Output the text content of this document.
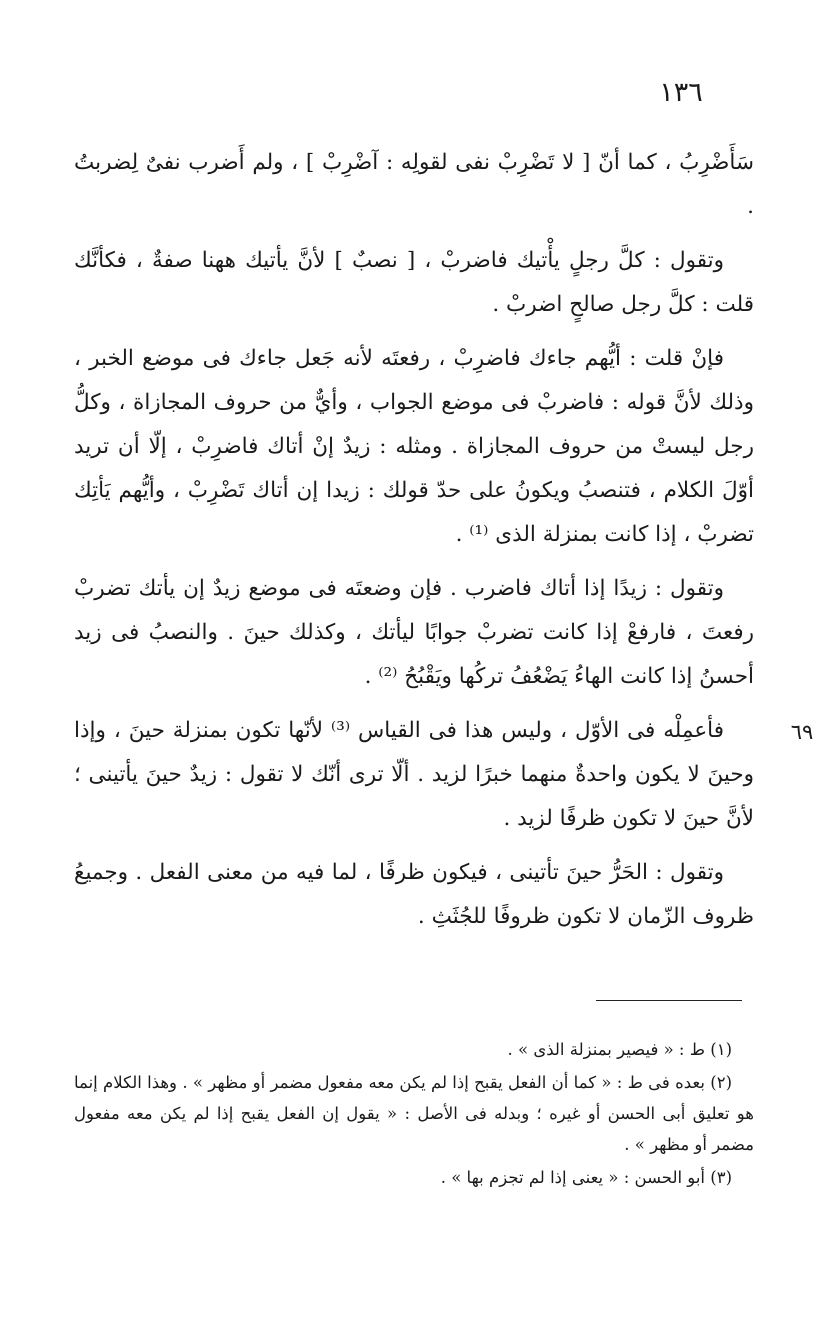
١٣٦
٦٩

سَأَضْرِبُ ، كما أنّ [ لا تَضْرِبْ نفى لقولِه : آضْرِبْ ] ، ولم أَضرب نفىٌ لِضربتُ .

وتقول : كلَّ رجلٍ يأْتيك فاضربْ ، [ نصبٌ ] لأنَّ يأتيك ههنا صفةٌ ، فكأنَّك قلت : كلَّ رجل صالحٍ اضربْ .

فإنْ قلت : أيُّهم جاءك فاضرِبْ ، رفعتَه لأنه جَعل جاءك فى موضع الخبر ، وذلك لأنَّ قوله : فاضربْ فى موضع الجواب ، وأيٌّ من حروف المجازاة ، وكلُّ رجل ليستْ من حروف المجازاة . ومثله : زيدٌ إنْ أتاك فاضرِبْ ، إلّا أن تريد أوّلَ الكلام ، فتنصبُ ويكونُ على حدّ قولك : زيدا إن أتاك تَضْرِبْ ، وأيُّهم يَأتِك تضربْ ، إذا كانت بمنزلة الذى ⁽¹⁾ .

وتقول : زيدًا إذا أتاك فاضرب . فإن وضعتَه فى موضع زيدٌ إن يأتك تضربْ رفعتَ ، فارفعْ إذا كانت تضربْ جوابًا ليأتك ، وكذلك حينَ . والنصبُ فى زيد أحسنُ إذا كانت الهاءُ يَضْعُفُ تركُها ويَقْبُحُ ⁽²⁾ .

فأعمِلْه فى الأوّل ، وليس هذا فى القياس ⁽³⁾ لأنّها تكون بمنزلة حينَ ، وإذا وحينَ لا يكون واحدةٌ منهما خبرًا لزيد . ألّا ترى أنّك لا تقول : زيدٌ حينَ يأتينى ؛ لأنَّ حينَ لا تكون ظرفًا لزيد .

وتقول : الحَرُّ حينَ تأتينى ، فيكون ظرفًا ، لما فيه من معنى الفعل . وجميعُ ظروف الزّمان لا تكون ظروفًا للجُثَثِ .

(١) ط : « فيصير بمنزلة الذى » .

(٢) بعده فى ط : « كما أن الفعل يقبح إذا لم يكن معه مفعول مضمر أو مظهر » . وهذا الكلام إنما هو تعليق أبى الحسن أو غيره ؛ وبدله فى الأصل : « يقول إن الفعل يقبح إذا لم يكن معه مفعول مضمر أو مظهر » .

(٣) أبو الحسن : « يعنى إذا لم تجزم بها » .
